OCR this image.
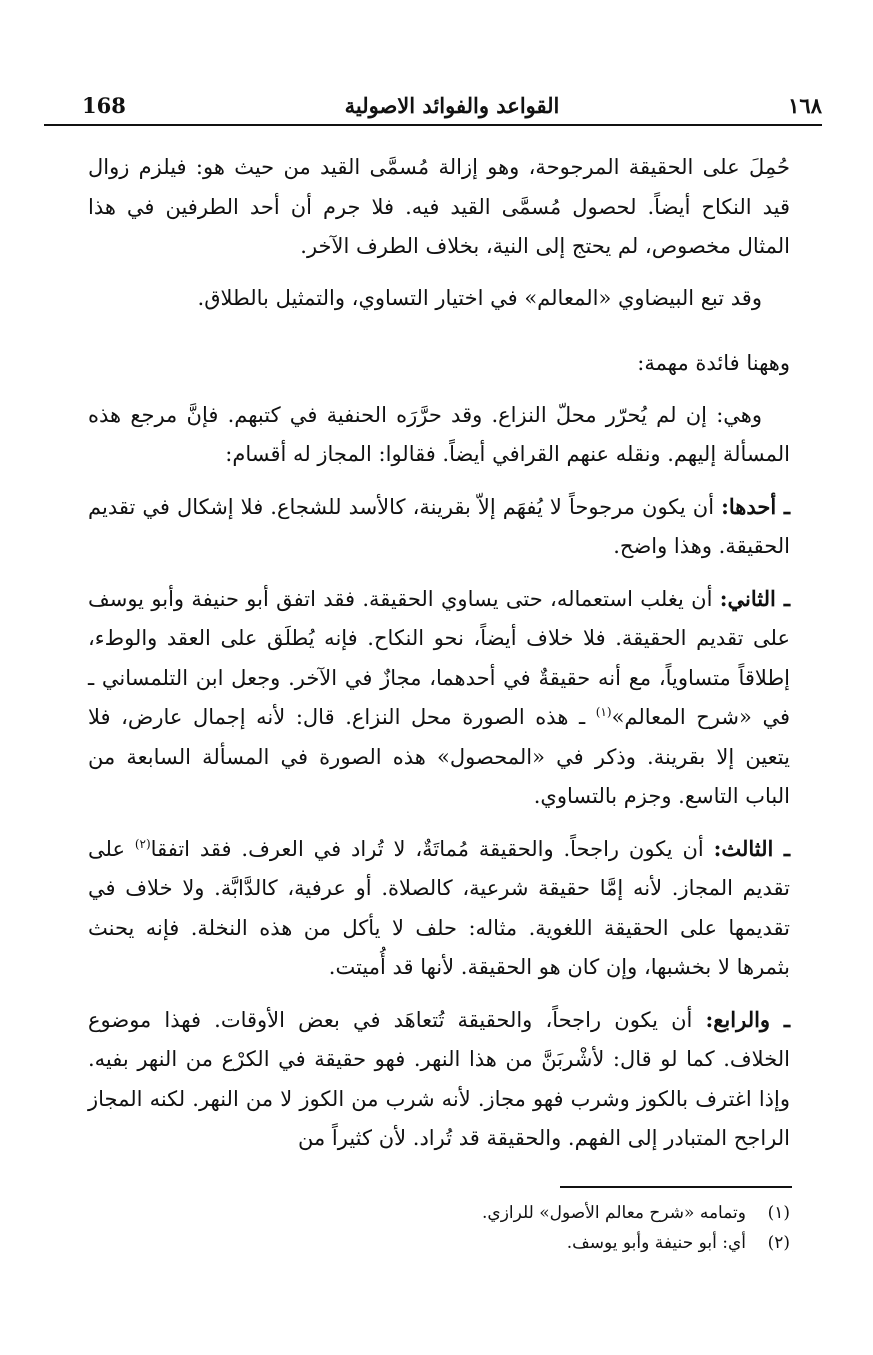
168	القواعد والفوائد الاصولية	١٦٨

حُمِلَ على الحقيقة المرجوحة، وهو إزالة مُسمَّى القيد من حيث هو: فيلزم زوال قيد النكاح أيضاً. لحصول مُسمَّى القيد فيه. فلا جرم أن أحد الطرفين في هذا المثال مخصوص، لم يحتج إلى النية، بخلاف الطرف الآخر.

وقد تبع البيضاوي «المعالم» في اختيار التساوي، والتمثيل بالطلاق.

وههنا فائدة مهمة:

وهي: إن لم يُحرّر محلّ النزاع. وقد حرَّرَه الحنفية في كتبهم. فإنَّ مرجع هذه المسألة إليهم. ونقله عنهم القرافي أيضاً. فقالوا: المجاز له أقسام:

ـ أحدها: أن يكون مرجوحاً لا يُفهَم إلاّ بقرينة، كالأسد للشجاع. فلا إشكال في تقديم الحقيقة. وهذا واضح.

ـ الثاني: أن يغلب استعماله، حتى يساوي الحقيقة. فقد اتفق أبو حنيفة وأبو يوسف على تقديم الحقيقة. فلا خلاف أيضاً، نحو النكاح. فإنه يُطلَق على العقد والوطء، إطلاقاً متساوياً، مع أنه حقيقةٌ في أحدهما، مجازٌ في الآخر. وجعل ابن التلمساني ـ في «شرح المعالم»$^{(١)}$ ـ هذه الصورة محل النزاع. قال: لأنه إجمال عارض، فلا يتعين إلا بقرينة. وذكر في «المحصول» هذه الصورة في المسألة السابعة من الباب التاسع. وجزم بالتساوي.

ـ الثالث: أن يكون راجحاً. والحقيقة مُماتَةٌ، لا تُراد في العرف. فقد اتفقا$^{(٢)}$ على تقديم المجاز. لأنه إمَّا حقيقة شرعية، كالصلاة. أو عرفية، كالدَّابَّة. ولا خلاف في تقديمها على الحقيقة اللغوية. مثاله: حلف لا يأكل من هذه النخلة. فإنه يحنث بثمرها لا بخشبها، وإن كان هو الحقيقة. لأنها قد أُميتت.

ـ والرابع: أن يكون راجحاً، والحقيقة تُتعاهَد في بعض الأوقات. فهذا موضوع الخلاف. كما لو قال: لأشْربَنَّ من هذا النهر. فهو حقيقة في الكرْع من النهر بفيه. وإذا اغترف بالكوز وشرب فهو مجاز. لأنه شرب من الكوز لا من النهر. لكنه المجاز الراجح المتبادر إلى الفهم. والحقيقة قد تُراد. لأن كثيراً من

(١)
وتمامه «شرح معالم الأصول» للرازي.
(٢)
أي: أبو حنيفة وأبو يوسف.
